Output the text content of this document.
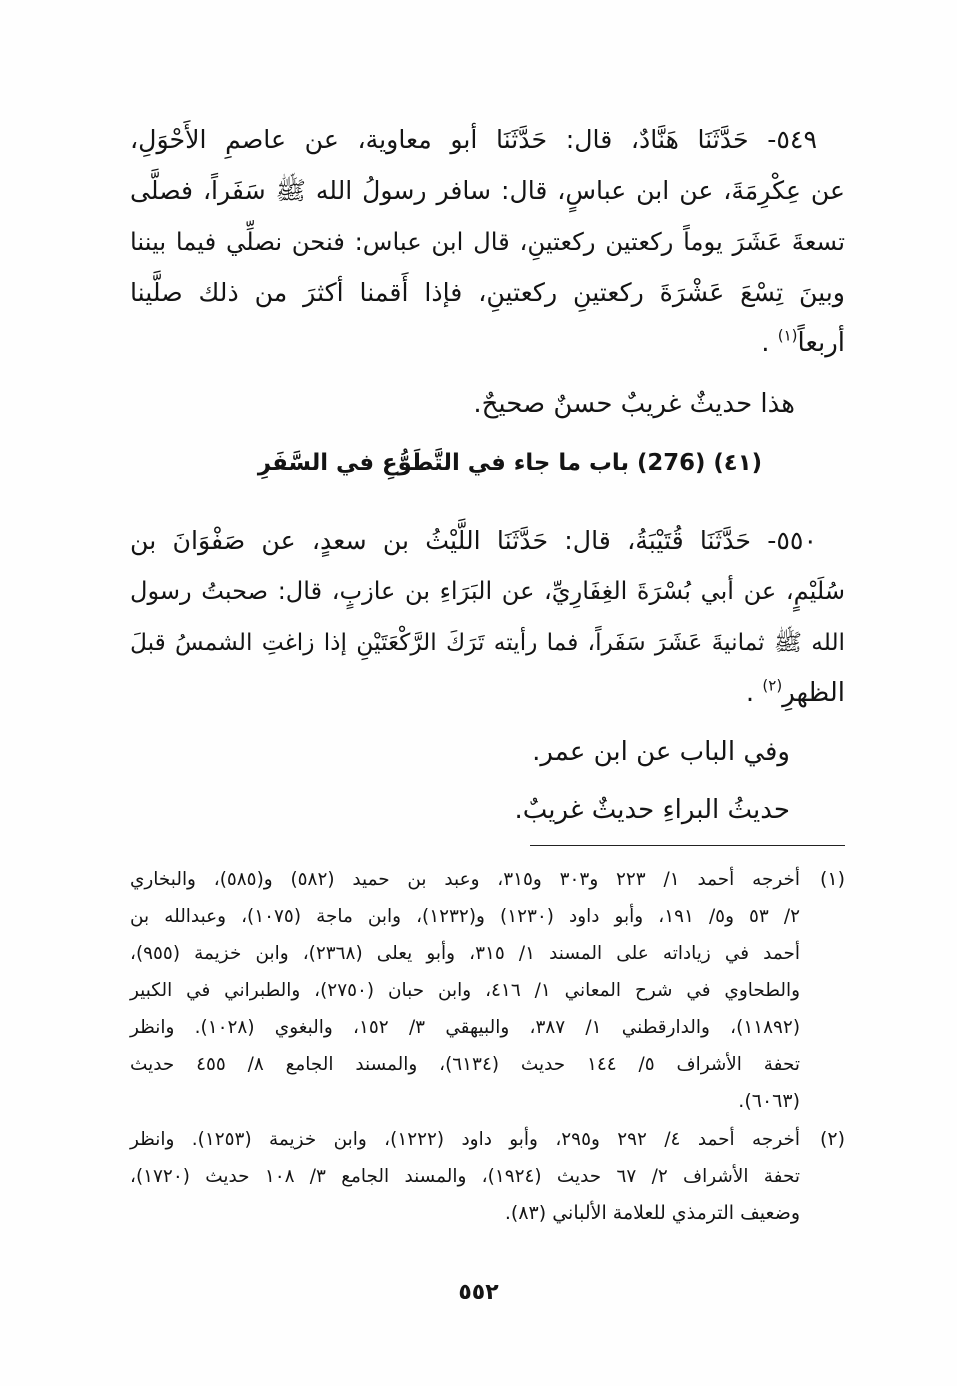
٥٤٩- حَدَّثَنَا هَنَّادٌ، قال: حَدَّثَنَا أبو معاوية، عن عاصمِ الأَحْوَلِ،
عن عِكْرِمَةَ، عن ابن عباسٍ، قال: سافر رسولُ الله ﷺ سَفَراً، فصلَّى
تسعةَ عَشَرَ يوماً ركعتين ركعتينِ، قال ابن عباس: فنحن نصلِّي فيما بيننا
وبينَ تِسْعَ عَشْرَةَ ركعتينِ ركعتينِ، فإذا أَقمنا أكثرَ من ذلك صلَّينا
أربعاً$^{(١)}$ .
هذا حديثٌ غريبٌ حسنٌ صحيحٌ.
(٤١) (276) باب ما جاء في التَّطَوُّعِ في السَّفَرِ
٥٥٠- حَدَّثَنَا قُتَيْبَةُ، قال: حَدَّثَنَا اللَّيْثُ بن سعدٍ، عن صَفْوَانَ بن
سُلَيْمٍ، عن أبي بُسْرَةَ الغِفَارِيِّ، عن البَرَاءِ بن عازبٍ، قال: صحبتُ رسول
الله ﷺ ثمانيةَ عَشَرَ سَفَراً، فما رأيته تَرَكَ الرَّكْعَتَيْنِ إذا زاغتِ الشمسُ قبلَ
الظهرِ$^{(٢)}$ .
وفي الباب عن ابن عمر.
حديثُ البراءِ حديثٌ غريبٌ.
(١)
أخرجه أحمد ١/ ٢٢٣ و٣٠٣ و٣١٥، وعبد بن حميد (٥٨٢) و(٥٨٥)، والبخاري
٢/ ٥٣ و٥/ ١٩١، وأبو داود (١٢٣٠) و(١٢٣٢)، وابن ماجة (١٠٧٥)، وعبدالله بن
أحمد في زياداته على المسند ١/ ٣١٥، وأبو يعلى (٢٣٦٨)، وابن خزيمة (٩٥٥)،
والطحاوي في شرح المعاني ١/ ٤١٦، وابن حبان (٢٧٥٠)، والطبراني في الكبير
(١١٨٩٢)، والدارقطني ١/ ٣٨٧، والبيهقي ٣/ ١٥٢، والبغوي (١٠٢٨). وانظر
تحفة الأشراف ٥/ ١٤٤ حديث (٦١٣٤)، والمسند الجامع ٨/ ٤٥٥ حديث
(٦٠٦٣).
(٢)
أخرجه أحمد ٤/ ٢٩٢ و٢٩٥، وأبو داود (١٢٢٢)، وابن خزيمة (١٢٥٣). وانظر
تحفة الأشراف ٢/ ٦٧ حديث (١٩٢٤)، والمسند الجامع ٣/ ١٠٨ حديث (١٧٢٠)،
وضعيف الترمذي للعلامة الألباني (٨٣).
٥٥٢
